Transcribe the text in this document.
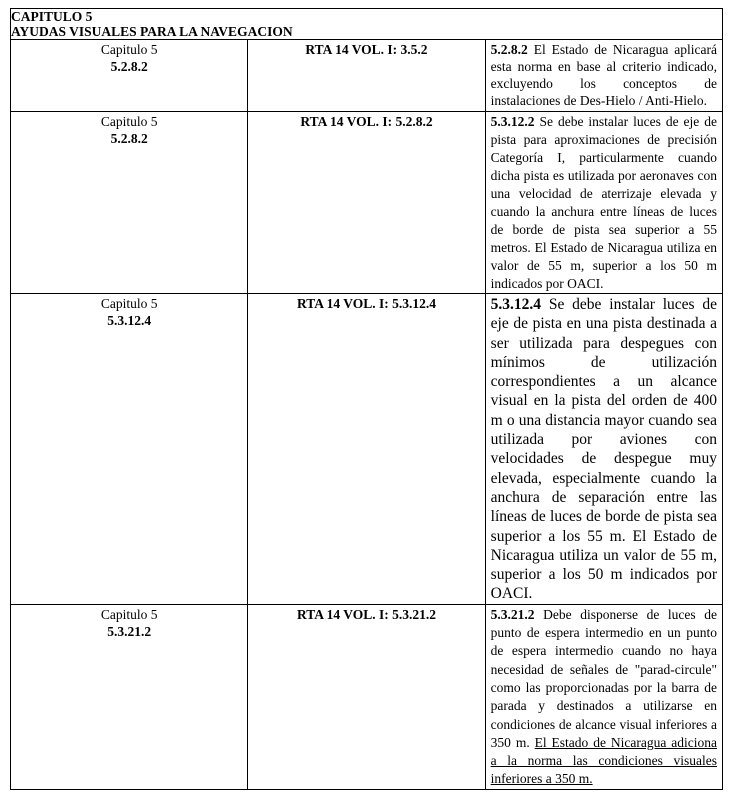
CAPITULO 5
AYUDAS VISUALES PARA LA NAVEGACION		

Capitulo 5
5.2.8.2	RTA 14 VOL. I: 3.5.2	5.2.8.2 El Estado de Nicaragua aplicará esta norma en base al criterio indicado, excluyendo los conceptos de instalaciones de Des-Hielo / Anti-Hielo.
Capitulo 5
5.2.8.2	RTA 14 VOL. I: 5.2.8.2	5.3.12.2 Se debe instalar luces de eje de pista para aproximaciones de precisión Categoría I, particularmente cuando dicha pista es utilizada por aeronaves con una velocidad de aterrizaje elevada y cuando la anchura entre líneas de luces de borde de pista sea superior a 55 metros. El Estado de Nicaragua utiliza en valor de 55 m, superior a los 50 m indicados por OACI.
Capitulo 5
5.3.12.4	RTA 14 VOL. I: 5.3.12.4	5.3.12.4 Se debe instalar luces de eje de pista en una pista destinada a ser utilizada para despegues con mínimos de utilización correspondientes a un alcance visual en la pista del orden de 400 m o una distancia mayor cuando sea utilizada por aviones con velocidades de despegue muy elevada, especialmente cuando la anchura de separación entre las líneas de luces de borde de pista sea superior a los 55 m. El Estado de Nicaragua utiliza un valor de 55 m, superior a los 50 m indicados por OACI.
Capitulo 5
5.3.21.2	RTA 14 VOL. I: 5.3.21.2	5.3.21.2 Debe disponerse de luces de punto de espera intermedio en un punto de espera intermedio cuando no haya necesidad de señales de "parad-circule" como las proporcionadas por la barra de parada y destinados a utilizarse en condiciones de alcance visual inferiores a 350 m. El Estado de Nicaragua adiciona a la norma las condiciones visuales inferiores a 350 m.
